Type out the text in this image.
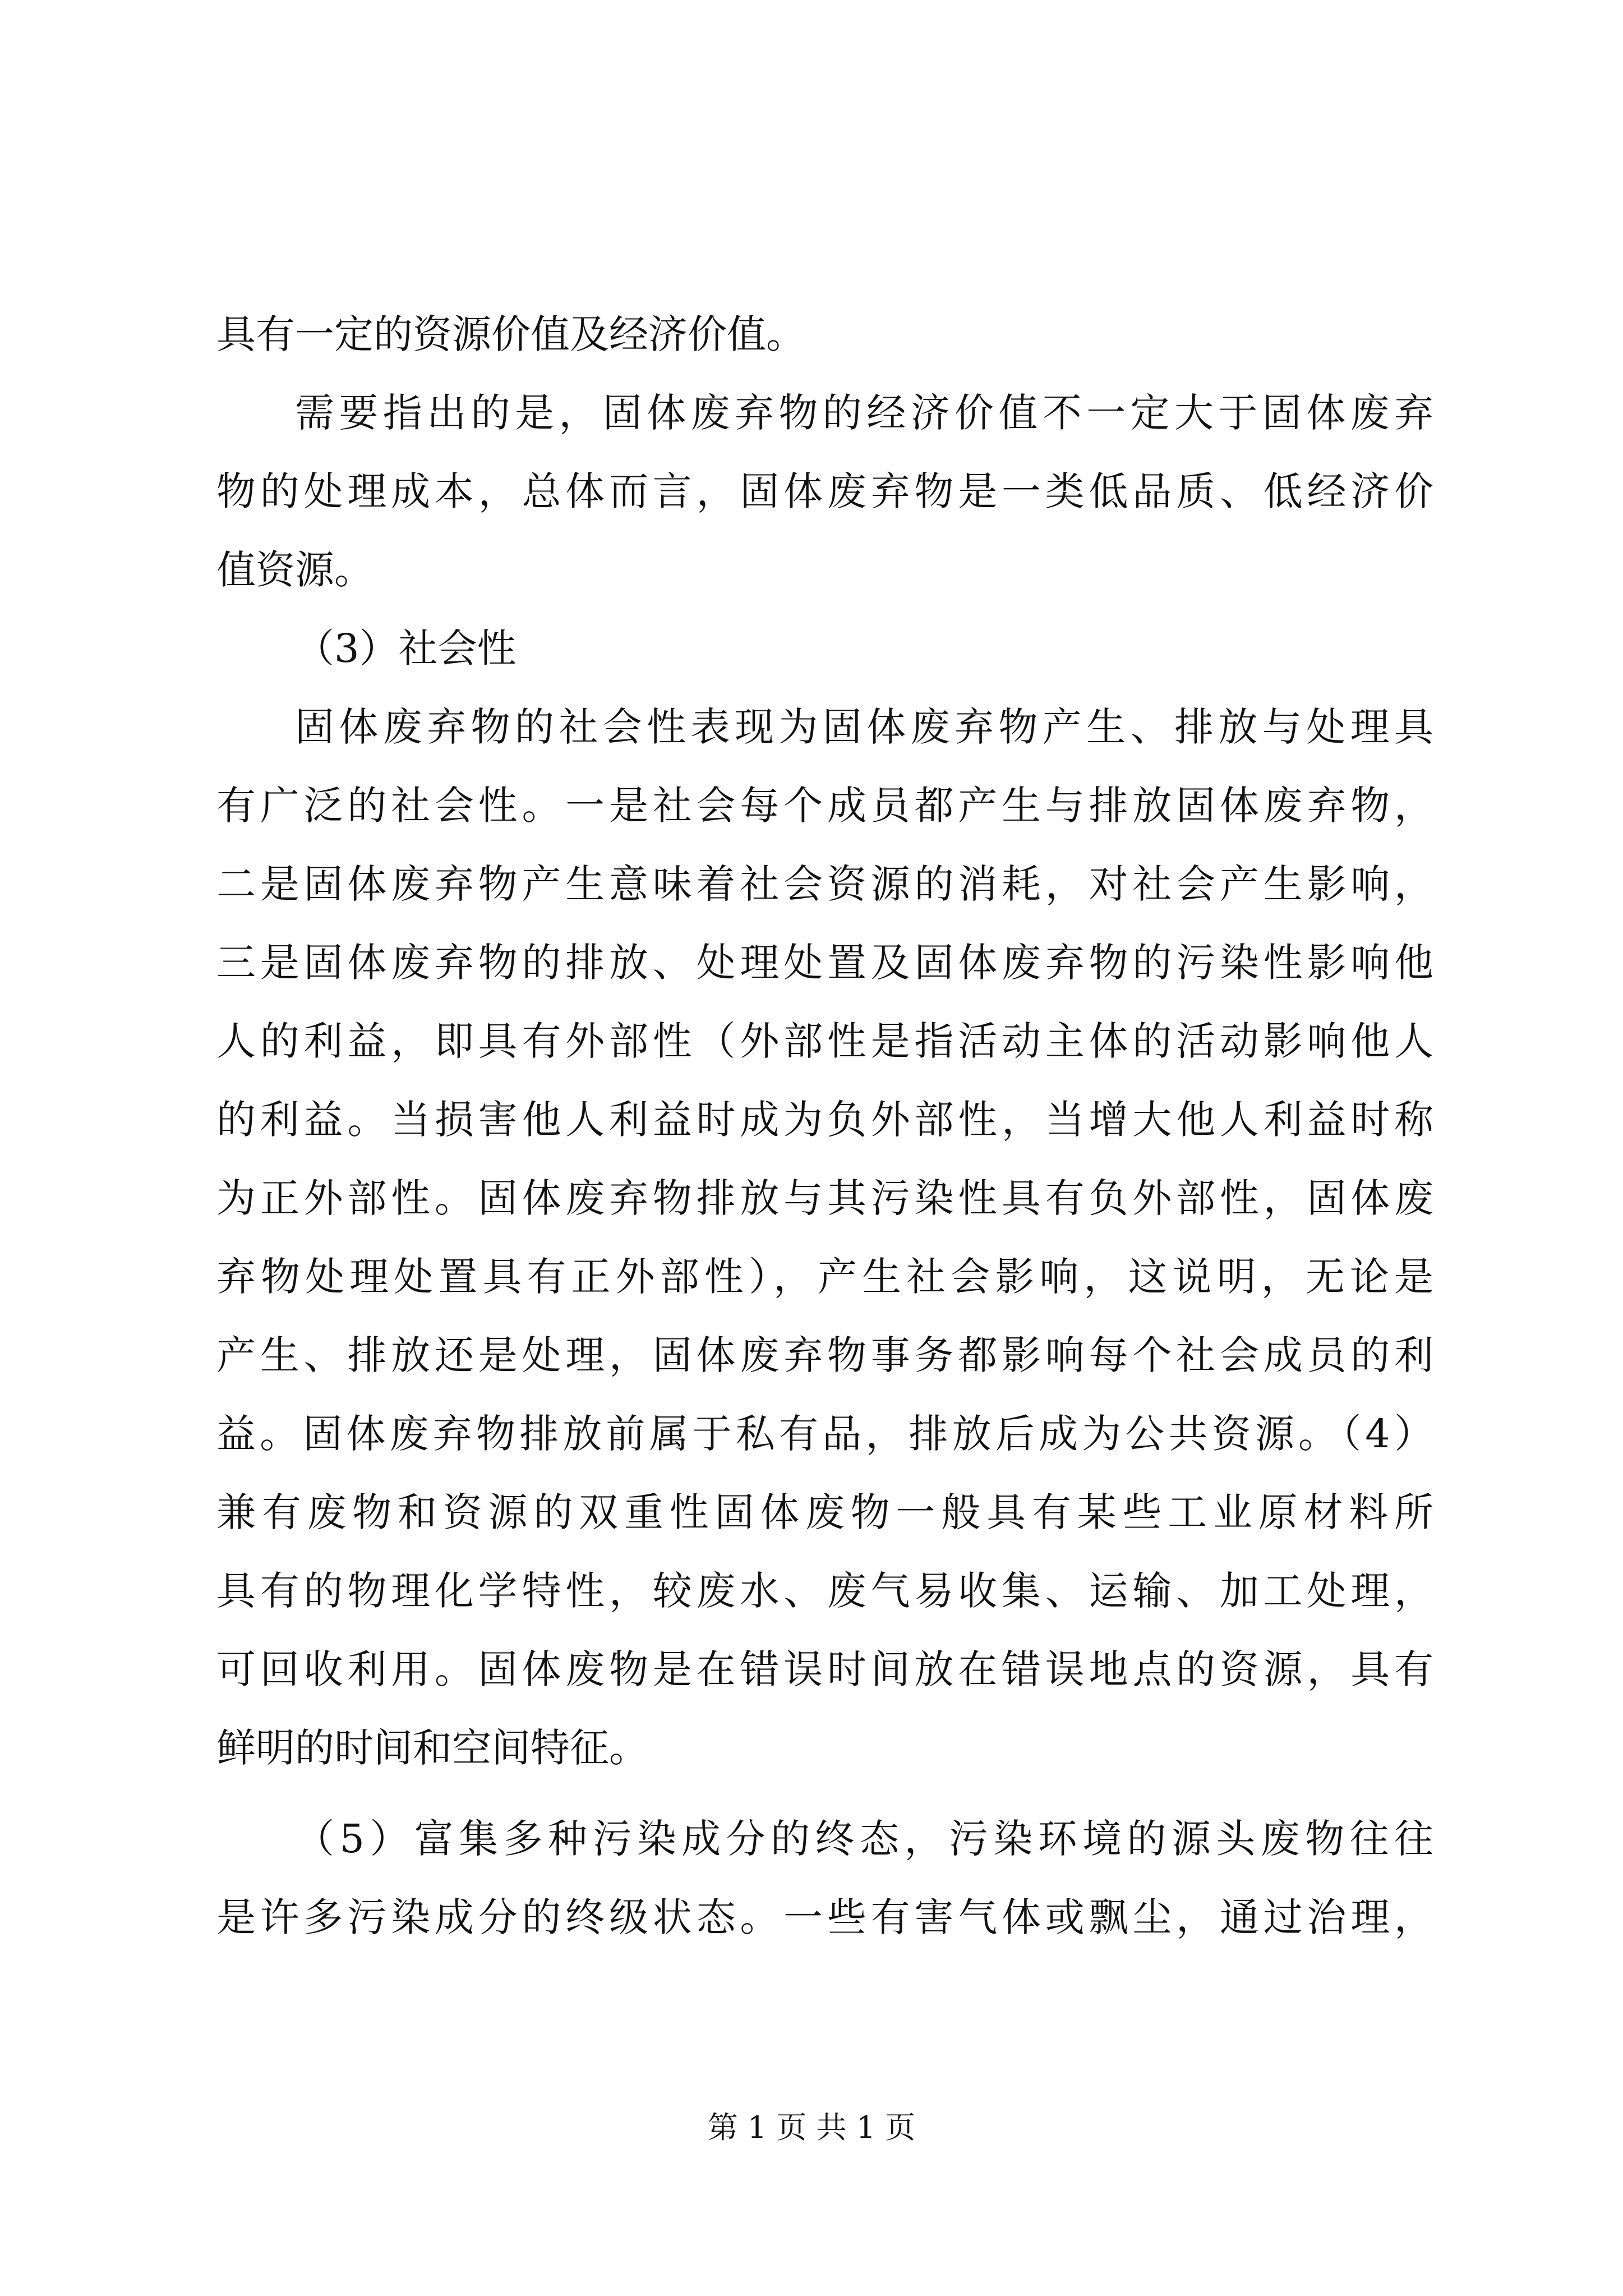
具有一定的资源价值及经济价值。
需要指出的是，固体废弃物的经济价值不一定大于固体废弃
物的处理成本，总体而言，固体废弃物是一类低品质、低经济价
值资源。
（3）社会性
固体废弃物的社会性表现为固体废弃物产生、排放与处理具
有广泛的社会性。一是社会每个成员都产生与排放固体废弃物，
二是固体废弃物产生意味着社会资源的消耗，对社会产生影响，
三是固体废弃物的排放、处理处置及固体废弃物的污染性影响他
人的利益，即具有外部性（外部性是指活动主体的活动影响他人
的利益。当损害他人利益时成为负外部性，当增大他人利益时称
为正外部性。固体废弃物排放与其污染性具有负外部性，固体废
弃物处理处置具有正外部性），产生社会影响，这说明，无论是
产生、排放还是处理，固体废弃物事务都影响每个社会成员的利
益。固体废弃物排放前属于私有品，排放后成为公共资源。（4）
兼有废物和资源的双重性固体废物一般具有某些工业原材料所
具有的物理化学特性，较废水、废气易收集、运输、加工处理，
可回收利用。固体废物是在错误时间放在错误地点的资源，具有
鲜明的时间和空间特征。
（5）富集多种污染成分的终态，污染环境的源头废物往往
是许多污染成分的终级状态。一些有害气体或飘尘，通过治理，
第 1 页 共 1 页
